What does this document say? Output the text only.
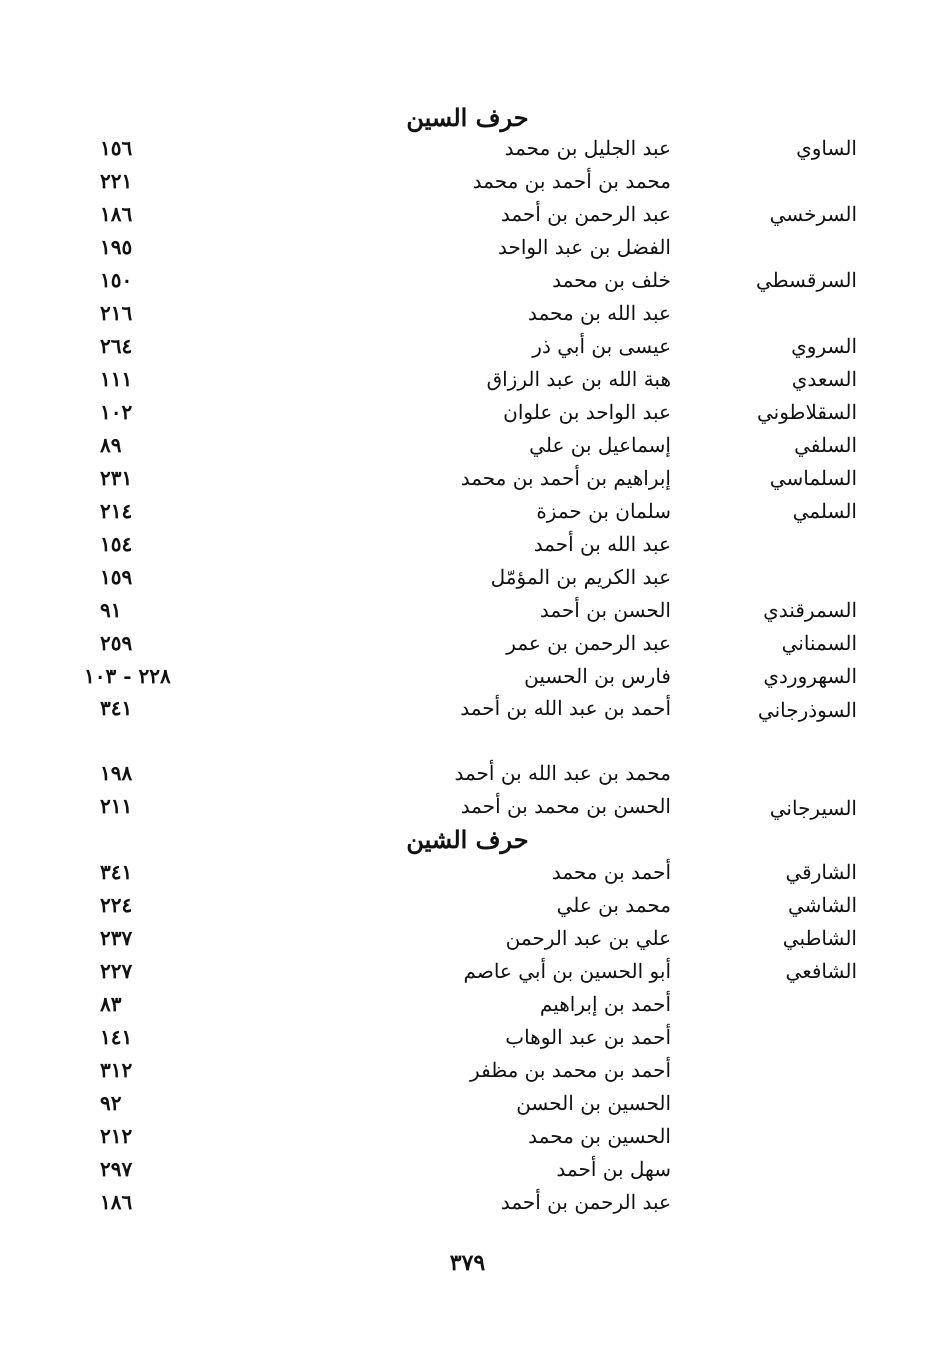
حرف السين
الساوي
عبد الجليل بن محمد
١٥٦
محمد بن أحمد بن محمد
٢٢١
السرخسي
عبد الرحمن بن أحمد
١٨٦
الفضل بن عبد الواحد
١٩٥
السرقسطي
خلف بن محمد
١٥٠
عبد الله بن محمد
٢١٦
السروي
عيسى بن أبي ذر
٢٦٤
السعدي
هبة الله بن عبد الرزاق
١١١
السقلاطوني
عبد الواحد بن علوان
١٠٢
السلفي
إسماعيل بن علي
٨٩
السلماسي
إبراهيم بن أحمد بن محمد
٢٣١
السلمي
سلمان بن حمزة
٢١٤
عبد الله بن أحمد
١٥٤
عبد الكريم بن المؤمّل
١٥٩
السمرقندي
الحسن بن أحمد
٩١
السمناني
عبد الرحمن بن عمر
٢٥٩
السهروردي
فارس بن الحسين
٢٢٨ - ١٠٣
السوذرجاني
أحمد بن عبد الله بن أحمد
٣٤١
محمد بن عبد الله بن أحمد
١٩٨
السيرجاني
الحسن بن محمد بن أحمد
٢١١
حرف الشين
الشارقي
أحمد بن محمد
٣٤١
الشاشي
محمد بن علي
٢٢٤
الشاطبي
علي بن عبد الرحمن
٢٣٧
الشافعي
أبو الحسين بن أبي عاصم
٢٢٧
أحمد بن إبراهيم
٨٣
أحمد بن عبد الوهاب
١٤١
أحمد بن محمد بن مظفر
٣١٢
الحسين بن الحسن
٩٢
الحسين بن محمد
٢١٢
سهل بن أحمد
٢٩٧
عبد الرحمن بن أحمد
١٨٦
٣٧٩
